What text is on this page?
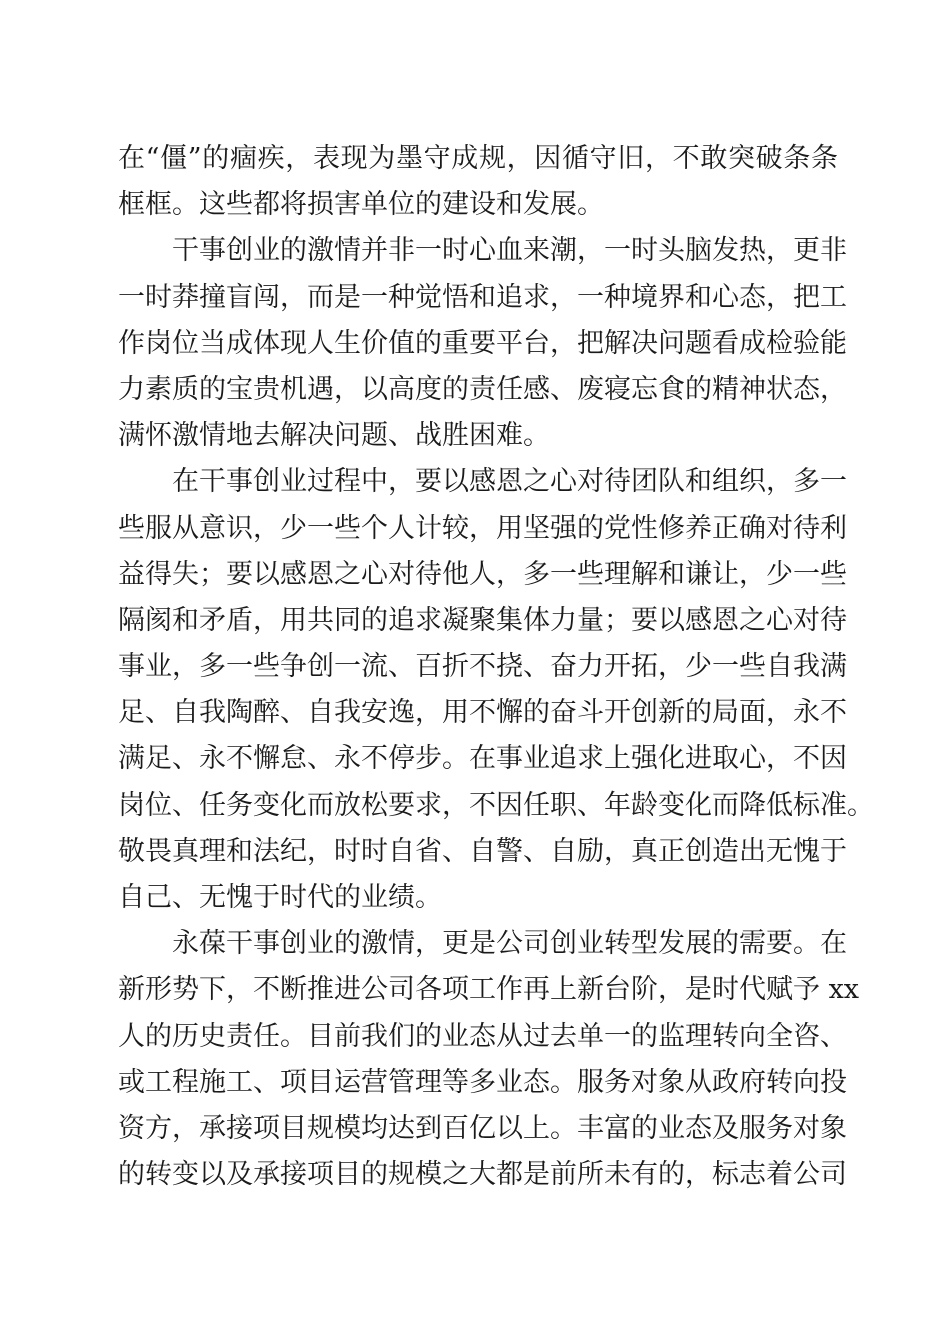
在“僵”的痼疾，表现为墨守成规，因循守旧，不敢突破条条
框框。这些都将损害单位的建设和发展。
干事创业的激情并非一时心血来潮，一时头脑发热，更非
一时莽撞盲闯，而是一种觉悟和追求，一种境界和心态，把工
作岗位当成体现人生价值的重要平台，把解决问题看成检验能
力素质的宝贵机遇，以高度的责任感、废寝忘食的精神状态，
满怀激情地去解决问题、战胜困难。
在干事创业过程中，要以感恩之心对待团队和组织，多一
些服从意识，少一些个人计较，用坚强的党性修养正确对待利
益得失；要以感恩之心对待他人，多一些理解和谦让，少一些
隔阂和矛盾，用共同的追求凝聚集体力量；要以感恩之心对待
事业，多一些争创一流、百折不挠、奋力开拓，少一些自我满
足、自我陶醉、自我安逸，用不懈的奋斗开创新的局面，永不
满足、永不懈怠、永不停步。在事业追求上强化进取心，不因
岗位、任务变化而放松要求，不因任职、年龄变化而降低标准。
敬畏真理和法纪，时时自省、自警、自励，真正创造出无愧于
自己、无愧于时代的业绩。
永葆干事创业的激情，更是公司创业转型发展的需要。在
新形势下，不断推进公司各项工作再上新台阶，是时代赋予 xx
人的历史责任。目前我们的业态从过去单一的监理转向全咨、
或工程施工、项目运营管理等多业态。服务对象从政府转向投
资方，承接项目规模均达到百亿以上。丰富的业态及服务对象
的转变以及承接项目的规模之大都是前所未有的，标志着公司
